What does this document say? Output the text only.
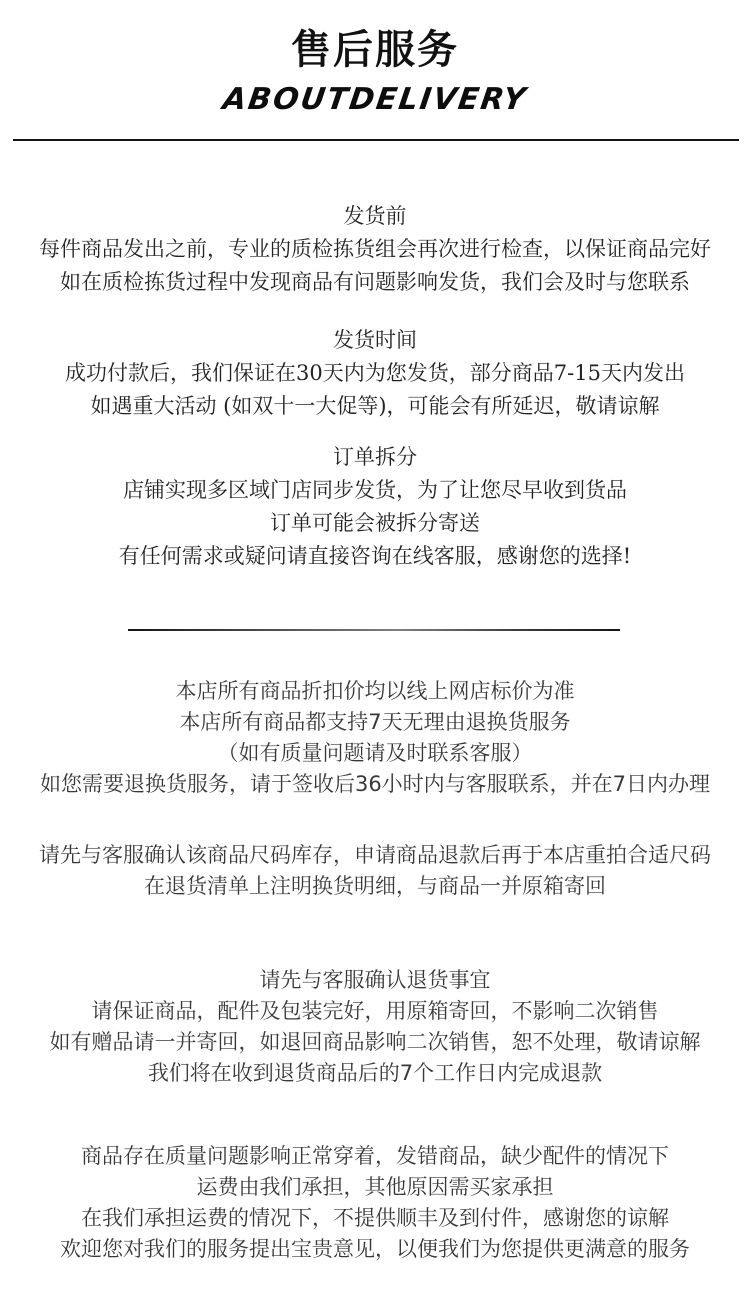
售后服务
ABOUTDELIVERY
发货前
每件商品发出之前，专业的质检拣货组会再次进行检查，以保证商品完好
如在质检拣货过程中发现商品有问题影响发货，我们会及时与您联系
发货时间
成功付款后，我们保证在30天内为您发货，部分商品7-15天内发出
如遇重大活动 (如双十一大促等)，可能会有所延迟，敬请谅解
订单拆分
店铺实现多区域门店同步发货，为了让您尽早收到货品
订单可能会被拆分寄送
有任何需求或疑问请直接咨询在线客服，感谢您的选择!
本店所有商品折扣价均以线上网店标价为准
本店所有商品都支持7天无理由退换货服务
（如有质量问题请及时联系客服）
如您需要退换货服务，请于签收后36小时内与客服联系，并在7日内办理
请先与客服确认该商品尺码库存，申请商品退款后再于本店重拍合适尺码
在退货清单上注明换货明细，与商品一并原箱寄回
请先与客服确认退货事宜
请保证商品，配件及包装完好，用原箱寄回，不影响二次销售
如有赠品请一并寄回，如退回商品影响二次销售，恕不处理，敬请谅解
我们将在收到退货商品后的7个工作日内完成退款
商品存在质量问题影响正常穿着，发错商品，缺少配件的情况下
运费由我们承担，其他原因需买家承担
在我们承担运费的情况下，不提供顺丰及到付件，感谢您的谅解
欢迎您对我们的服务提出宝贵意见，以便我们为您提供更满意的服务
